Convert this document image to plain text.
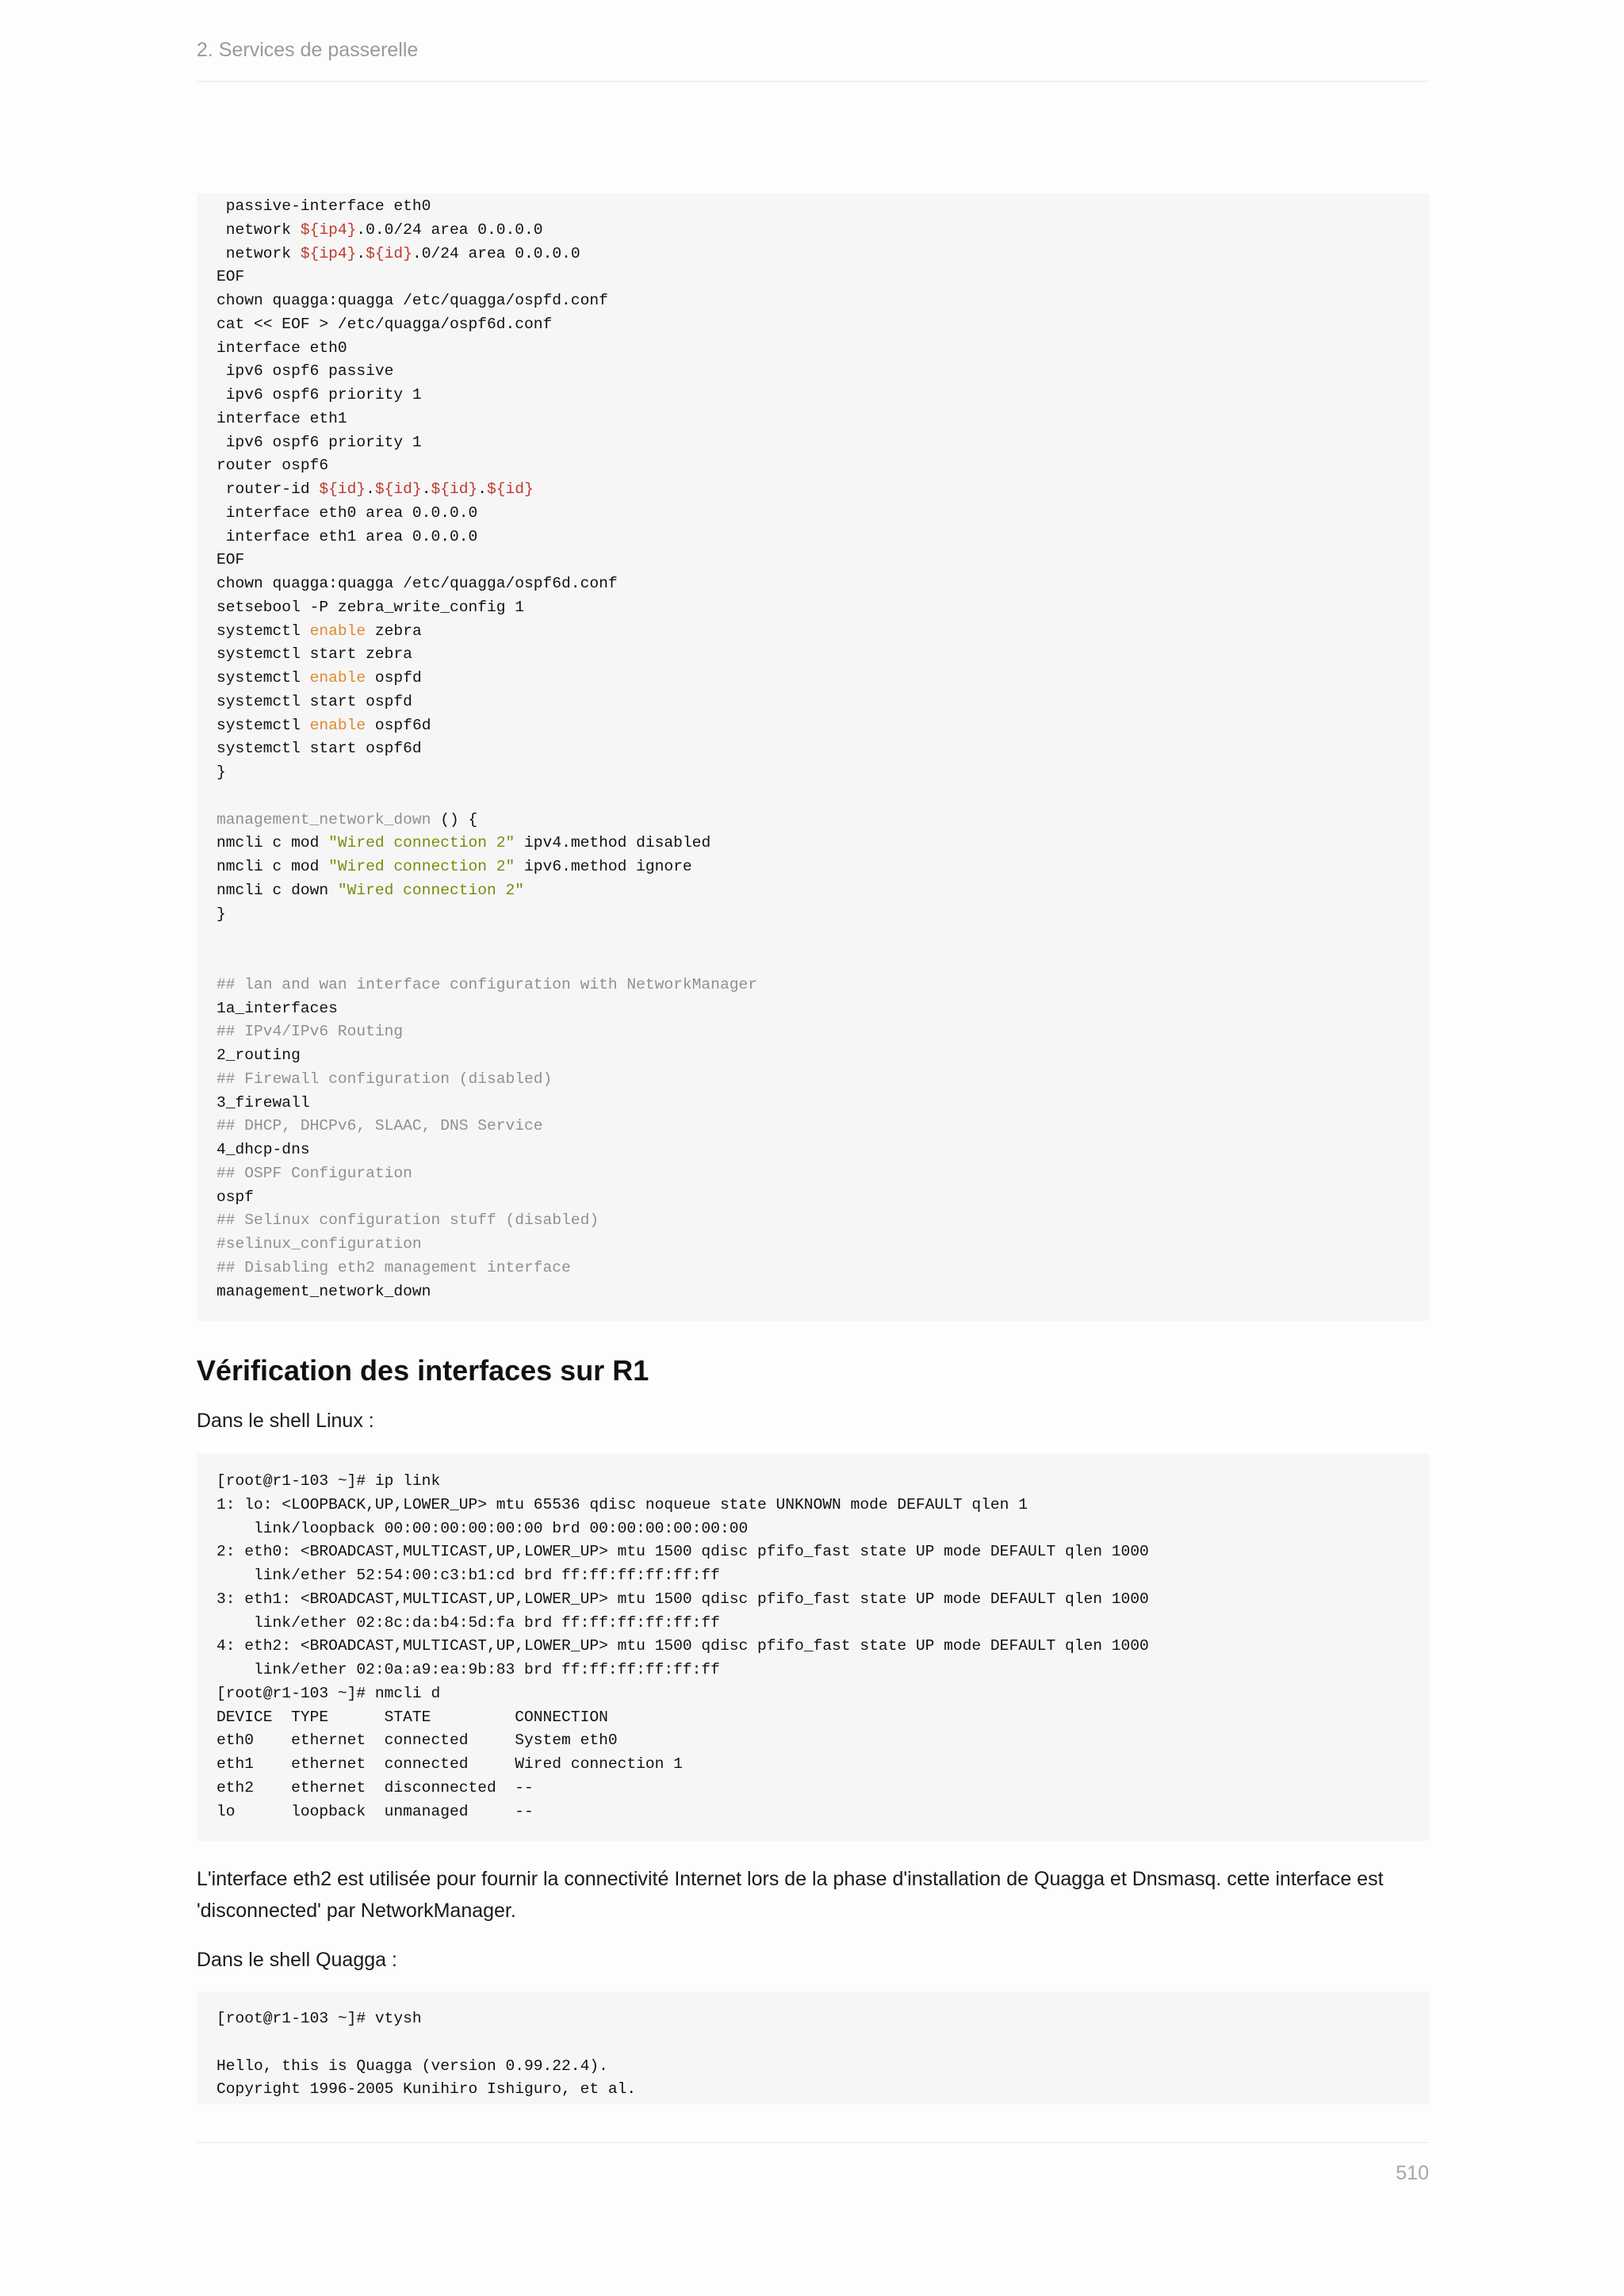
2. Services de passerelle

passive-interface eth0
network ${ip4}.0.0/24 area 0.0.0.0
network ${ip4}.${id}.0/24 area 0.0.0.0
EOF
chown quagga:quagga /etc/quagga/ospfd.conf
cat << EOF > /etc/quagga/ospf6d.conf
interface eth0
ipv6 ospf6 passive
ipv6 ospf6 priority 1
interface eth1
ipv6 ospf6 priority 1
router ospf6
router-id ${id}.${id}.${id}.${id}
interface eth0 area 0.0.0.0
interface eth1 area 0.0.0.0
EOF
chown quagga:quagga /etc/quagga/ospf6d.conf
setsebool -P zebra_write_config 1
systemctl enable zebra
systemctl start zebra
systemctl enable ospfd
systemctl start ospfd
systemctl enable ospf6d
systemctl start ospf6d
}

management_network_down () {
nmcli c mod "Wired connection 2" ipv4.method disabled
nmcli c mod "Wired connection 2" ipv6.method ignore
nmcli c down "Wired connection 2"
}

## lan and wan interface configuration with NetworkManager
1a_interfaces
## IPv4/IPv6 Routing
2_routing
## Firewall configuration (disabled)
3_firewall
## DHCP, DHCPv6, SLAAC, DNS Service
4_dhcp-dns
## OSPF Configuration
ospf
## Selinux configuration stuff (disabled)
#selinux_configuration
## Disabling eth2 management interface
management_network_down
Vérification des interfaces sur R1

Dans le shell Linux :

[root@r1-103 ~]# ip link
1: lo: <LOOPBACK,UP,LOWER_UP> mtu 65536 qdisc noqueue state UNKNOWN mode DEFAULT qlen 1
link/loopback 00:00:00:00:00:00 brd 00:00:00:00:00:00
2: eth0: <BROADCAST,MULTICAST,UP,LOWER_UP> mtu 1500 qdisc pfifo_fast state UP mode DEFAULT qlen 1000
link/ether 52:54:00:c3:b1:cd brd ff:ff:ff:ff:ff:ff
3: eth1: <BROADCAST,MULTICAST,UP,LOWER_UP> mtu 1500 qdisc pfifo_fast state UP mode DEFAULT qlen 1000
link/ether 02:8c:da:b4:5d:fa brd ff:ff:ff:ff:ff:ff
4: eth2: <BROADCAST,MULTICAST,UP,LOWER_UP> mtu 1500 qdisc pfifo_fast state UP mode DEFAULT qlen 1000
link/ether 02:0a:a9:ea:9b:83 brd ff:ff:ff:ff:ff:ff
[root@r1-103 ~]# nmcli d
DEVICE  TYPE      STATE         CONNECTION
eth0    ethernet  connected     System eth0
eth1    ethernet  connected     Wired connection 1
eth2    ethernet  disconnected  --
lo      loopback  unmanaged     --

L'interface eth2 est utilisée pour fournir la connectivité Internet lors de la phase d'installation de Quagga et Dnsmasq. cette interface est
'disconnected' par NetworkManager.

Dans le shell Quagga :

[root@r1-103 ~]# vtysh

Hello, this is Quagga (version 0.99.22.4).
Copyright 1996-2005 Kunihiro Ishiguro, et al.
510
